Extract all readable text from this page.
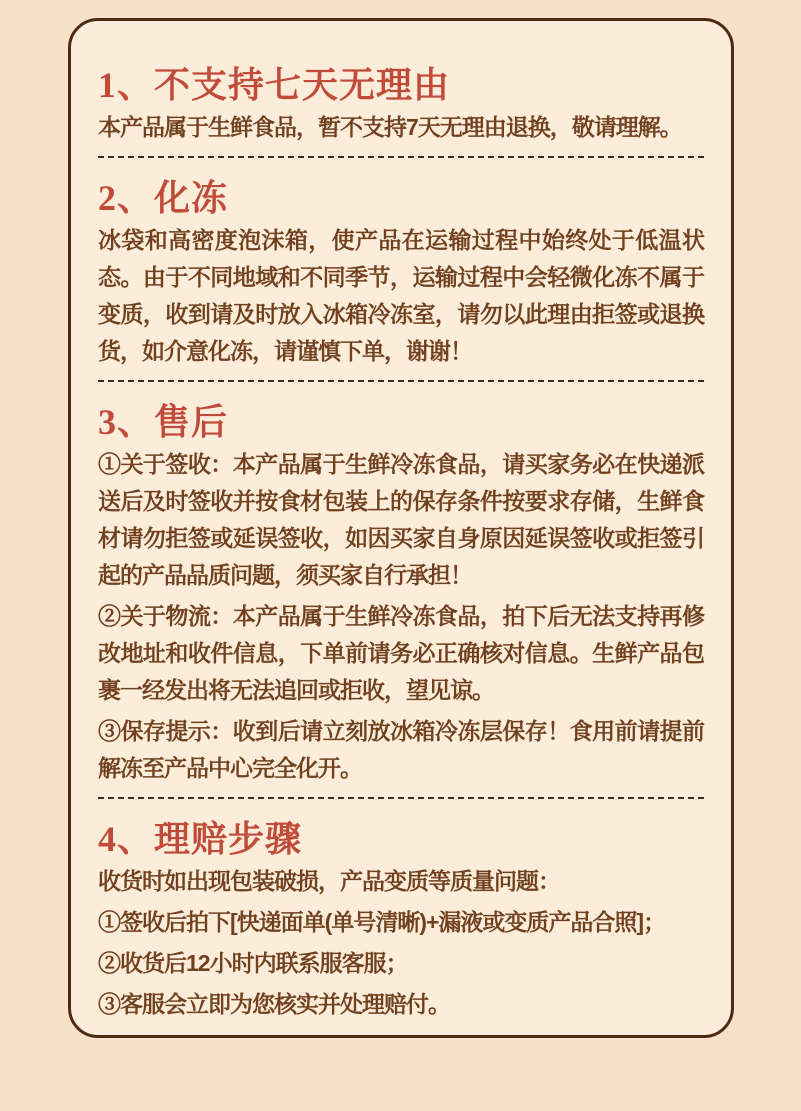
1、不支持七天无理由

本产品属于生鲜食品，暂不支持7天无理由退换，敬请理解。

2、化冻

冰袋和高密度泡沫箱，使产品在运输过程中始终处于低温状态。由于不同地域和不同季节，运输过程中会轻微化冻不属于变质，收到请及时放入冰箱冷冻室，请勿以此理由拒签或退换货，如介意化冻，请谨慎下单，谢谢！

3、售后

①关于签收：本产品属于生鲜冷冻食品，请买家务必在快递派送后及时签收并按食材包装上的保存条件按要求存储，生鲜食材请勿拒签或延误签收，如因买家自身原因延误签收或拒签引起的产品品质问题，须买家自行承担！

②关于物流：本产品属于生鲜冷冻食品，拍下后无法支持再修改地址和收件信息，下单前请务必正确核对信息。生鲜产品包裹一经发出将无法追回或拒收，望见谅。

③保存提示：收到后请立刻放冰箱冷冻层保存！食用前请提前解冻至产品中心完全化开。

4、理赔步骤

收货时如出现包装破损，产品变质等质量问题：

①签收后拍下[快递面单(单号清晰)+漏液或变质产品合照]；

②收货后12小时内联系服客服；

③客服会立即为您核实并处理赔付。
